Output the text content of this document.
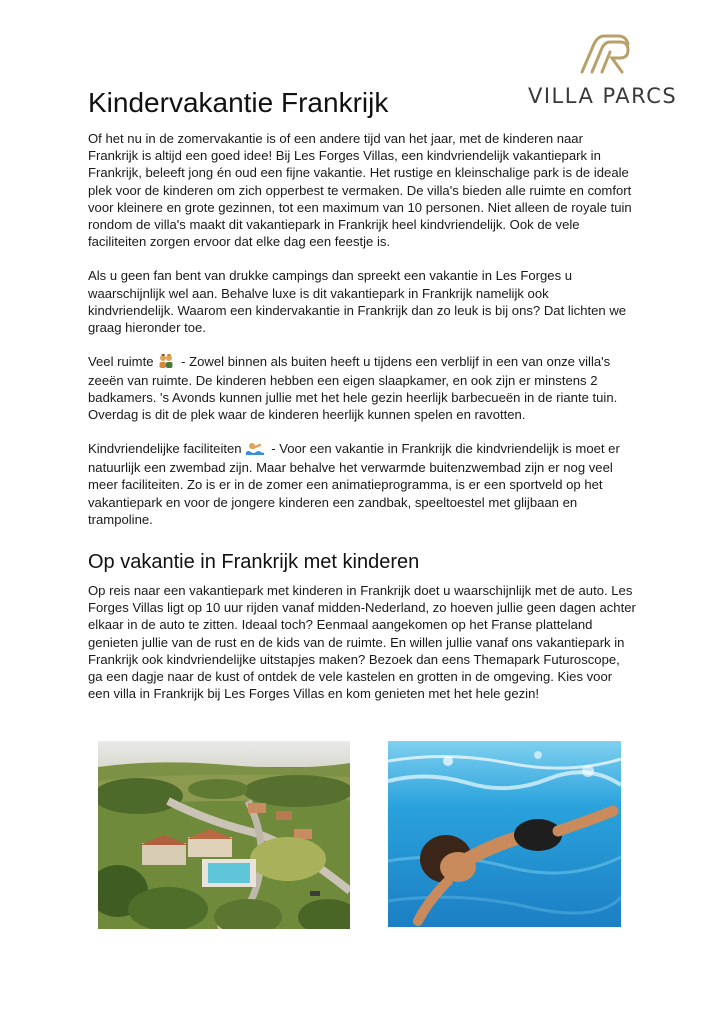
VILLA PARCS
Kindervakantie Frankrijk

Of het nu in de zomervakantie is of een andere tijd van het jaar, met de kinderen naar Frankrijk is altijd een goed idee! Bij Les Forges Villas, een kindvriendelijk vakantiepark in Frankrijk, beleeft jong én oud een fijne vakantie. Het rustige en kleinschalige park is de ideale plek voor de kinderen om zich opperbest te vermaken. De villa's bieden alle ruimte en comfort voor kleinere en grote gezinnen, tot een maximum van 10 personen. Niet alleen de royale tuin rondom de villa's maakt dit vakantiepark in Frankrijk heel kindvriendelijk. Ook de vele faciliteiten zorgen ervoor dat elke dag een feestje is.

Als u geen fan bent van drukke campings dan spreekt een vakantie in Les Forges u waarschijnlijk wel aan. Behalve luxe is dit vakantiepark in Frankrijk namelijk ook kindvriendelijk. Waarom een kindervakantie in Frankrijk dan zo leuk is bij ons? Dat lichten we graag hieronder toe.

Veel ruimte - Zowel binnen als buiten heeft u tijdens een verblijf in een van onze villa's zeeën van ruimte. De kinderen hebben een eigen slaapkamer, en ook zijn er minstens 2 badkamers. 's Avonds kunnen jullie met het hele gezin heerlijk barbecueën in de riante tuin. Overdag is dit de plek waar de kinderen heerlijk kunnen spelen en ravotten.

Kindvriendelijke faciliteiten - Voor een vakantie in Frankrijk die kindvriendelijk is moet er natuurlijk een zwembad zijn. Maar behalve het verwarmde buitenzwembad zijn er nog veel meer faciliteiten. Zo is er in de zomer een animatieprogramma, is er een sportveld op het vakantiepark en voor de jongere kinderen een zandbak, speeltoestel met glijbaan en trampoline.

Op vakantie in Frankrijk met kinderen

Op reis naar een vakantiepark met kinderen in Frankrijk doet u waarschijnlijk met de auto. Les Forges Villas ligt op 10 uur rijden vanaf midden-Nederland, zo hoeven jullie geen dagen achter elkaar in de auto te zitten. Ideaal toch? Eenmaal aangekomen op het Franse platteland genieten jullie van de rust en de kids van de ruimte. En willen jullie vanaf ons vakantiepark in Frankrijk ook kindvriendelijke uitstapjes maken? Bezoek dan eens Themapark Futuroscope, ga een dagje naar de kust of ontdek de vele kastelen en grotten in de omgeving. Kies voor een villa in Frankrijk bij Les Forges Villas en kom genieten met het hele gezin!
